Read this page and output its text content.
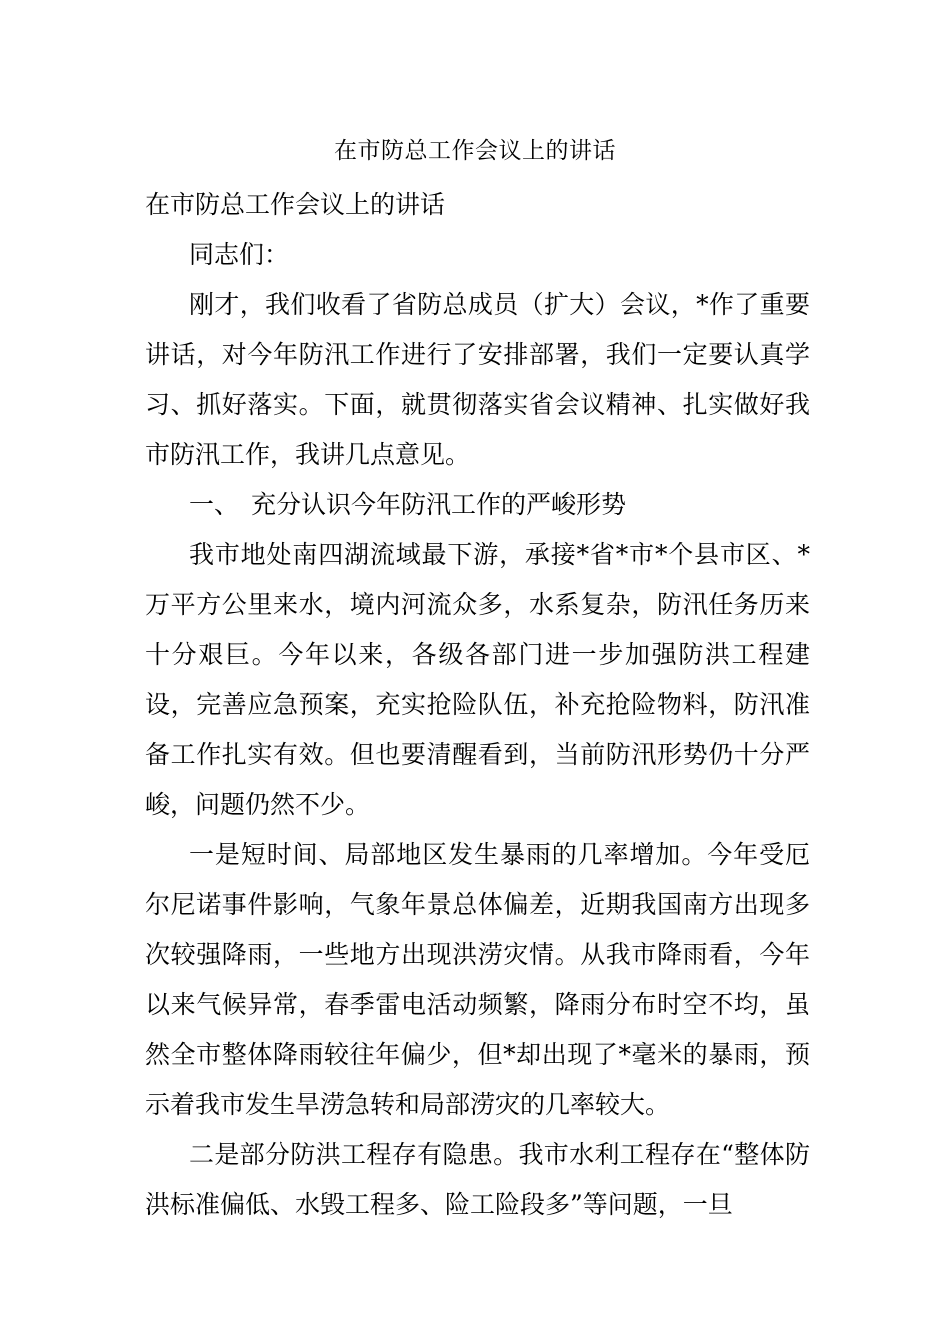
在市防总工作会议上的讲话

在市防总工作会议上的讲话

同志们：

刚才，我们收看了省防总成员（扩大）会议，*作了重要讲话，对今年防汛工作进行了安排部署，我们一定要认真学习、抓好落实。下面，就贯彻落实省会议精神、扎实做好我市防汛工作，我讲几点意见。

一、 充分认识今年防汛工作的严峻形势

我市地处南四湖流域最下游，承接*省*市*个县市区、*万平方公里来水，境内河流众多，水系复杂，防汛任务历来十分艰巨。今年以来，各级各部门进一步加强防洪工程建设，完善应急预案，充实抢险队伍，补充抢险物料，防汛准备工作扎实有效。但也要清醒看到，当前防汛形势仍十分严峻，问题仍然不少。

一是短时间、局部地区发生暴雨的几率增加。今年受厄尔尼诺事件影响，气象年景总体偏差，近期我国南方出现多次较强降雨，一些地方出现洪涝灾情。从我市降雨看，今年以来气候异常，春季雷电活动频繁，降雨分布时空不均，虽然全市整体降雨较往年偏少，但*却出现了*毫米的暴雨，预示着我市发生旱涝急转和局部涝灾的几率较大。

二是部分防洪工程存有隐患。我市水利工程存在“整体防洪标准偏低、水毁工程多、险工险段多”等问题，一旦
